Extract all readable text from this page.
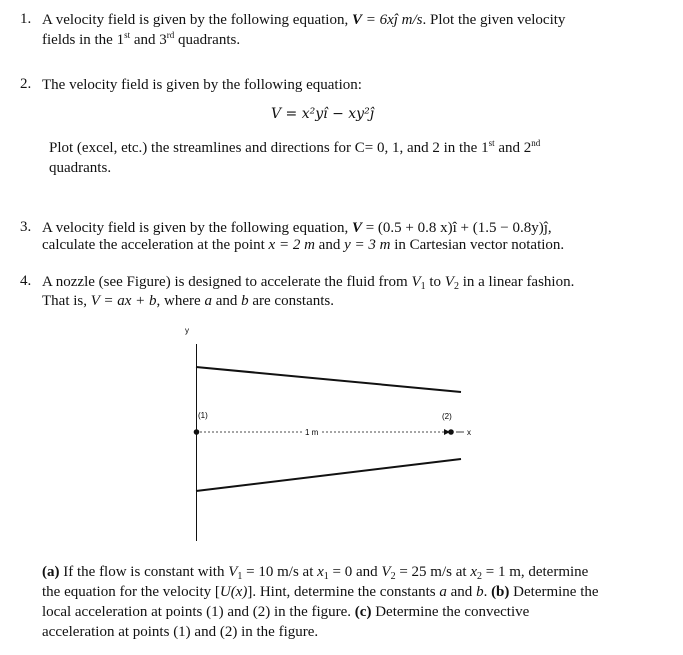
1. A velocity field is given by the following equation, V = 6xĵ m/s. Plot the given velocity
fields in the 1st and 3rd quadrants.
2. The velocity field is given by the following equation:
V = x²yî − xy²ĵ
Plot (excel, etc.) the streamlines and directions for C= 0, 1, and 2 in the 1st and 2nd
quadrants.
3. A velocity field is given by the following equation, V = (0.5 + 0.8 x)î + (1.5 − 0.8y)ĵ,
calculate the acceleration at the point x = 2 m and y = 3 m in Cartesian vector notation.
4. A nozzle (see Figure) is designed to accelerate the fluid from $V_1$ to $V_2$ in a linear fashion.
That is, V = ax + b, where a and b are constants.
y
x
(1)	(2)
1 m
(a) If the flow is constant with $V_1 = 10$ m/s at $x_1 = 0$ and $V_2 = 25$ m/s at $x_2 = 1$ m, determine
the equation for the velocity [U(x)]. Hint, determine the constants a and b. (b) Determine the
local acceleration at points (1) and (2) in the figure. (c) Determine the convective
acceleration at points (1) and (2) in the figure.
